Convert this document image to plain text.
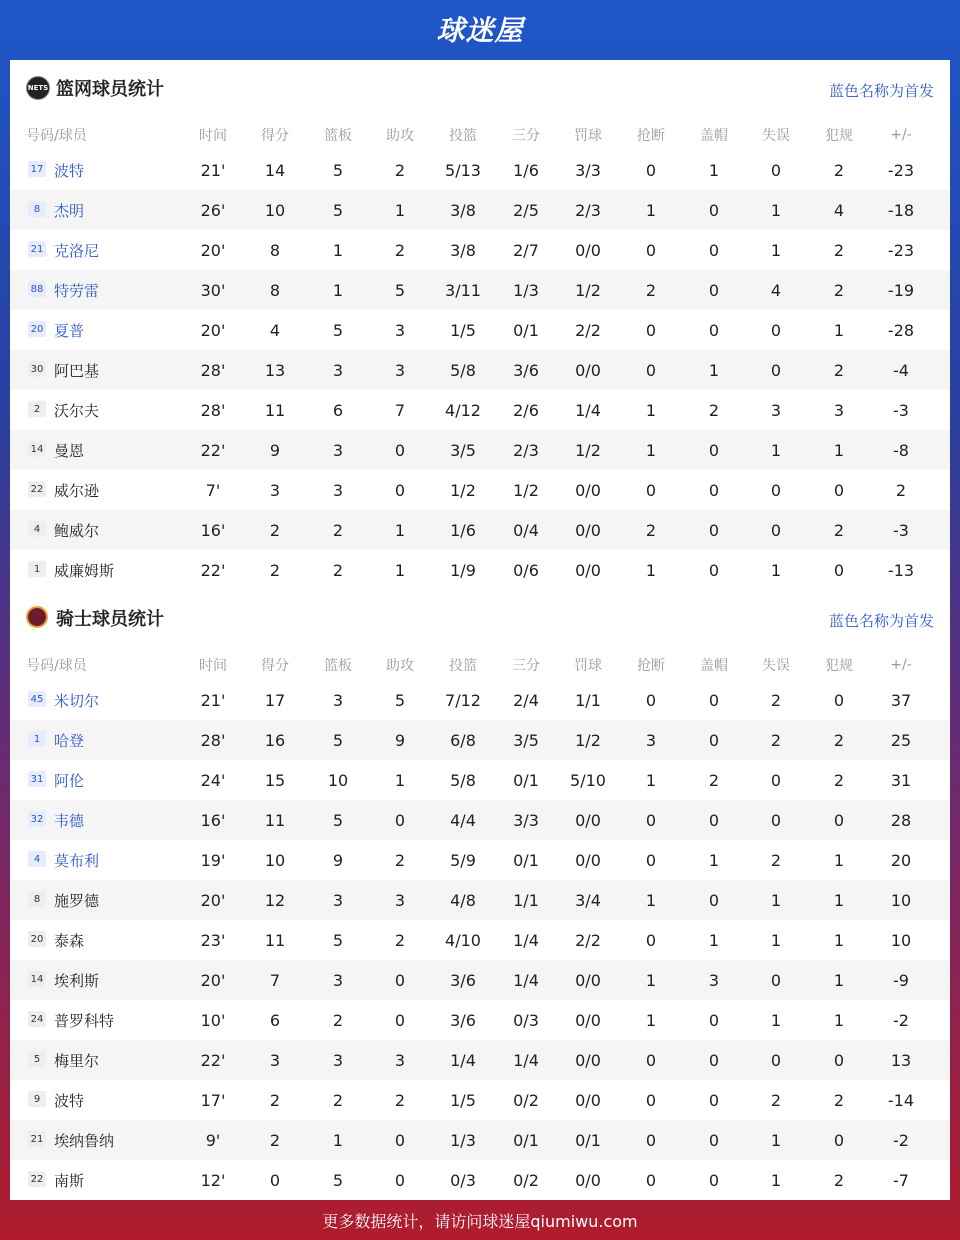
球迷屋
NETS 篮网球员统计	蓝色名称为首发
号码/球员	时间	得分	篮板	助攻	投篮	三分	罚球	抢断	盖帽	失误	犯规	+/-
17 波特	21'	14	5	2	5/13	1/6	3/3	0	1	0	2	-23
8 杰明	26'	10	5	1	3/8	2/5	2/3	1	0	1	4	-18
21 克洛尼	20'	8	1	2	3/8	2/7	0/0	0	0	1	2	-23
88 特劳雷	30'	8	1	5	3/11	1/3	1/2	2	0	4	2	-19
20 夏普	20'	4	5	3	1/5	0/1	2/2	0	0	0	1	-28
30 阿巴基	28'	13	3	3	5/8	3/6	0/0	0	1	0	2	-4
2 沃尔夫	28'	11	6	7	4/12	2/6	1/4	1	2	3	3	-3
14 曼恩	22'	9	3	0	3/5	2/3	1/2	1	0	1	1	-8
22 威尔逊	7'	3	3	0	1/2	1/2	0/0	0	0	0	0	2
4 鲍威尔	16'	2	2	1	1/6	0/4	0/0	2	0	0	2	-3
1 威廉姆斯	22'	2	2	1	1/9	0/6	0/0	1	0	1	0	-13
骑士球员统计	蓝色名称为首发
号码/球员	时间	得分	篮板	助攻	投篮	三分	罚球	抢断	盖帽	失误	犯规	+/-
45 米切尔	21'	17	3	5	7/12	2/4	1/1	0	0	2	0	37
1 哈登	28'	16	5	9	6/8	3/5	1/2	3	0	2	2	25
31 阿伦	24'	15	10	1	5/8	0/1	5/10	1	2	0	2	31
32 韦德	16'	11	5	0	4/4	3/3	0/0	0	0	0	0	28
4 莫布利	19'	10	9	2	5/9	0/1	0/0	0	1	2	1	20
8 施罗德	20'	12	3	3	4/8	1/1	3/4	1	0	1	1	10
20 泰森	23'	11	5	2	4/10	1/4	2/2	0	1	1	1	10
14 埃利斯	20'	7	3	0	3/6	1/4	0/0	1	3	0	1	-9
24 普罗科特	10'	6	2	0	3/6	0/3	0/0	1	0	1	1	-2
5 梅里尔	22'	3	3	3	1/4	1/4	0/0	0	0	0	0	13
9 波特	17'	2	2	2	1/5	0/2	0/0	0	0	2	2	-14
21 埃纳鲁纳	9'	2	1	0	1/3	0/1	0/1	0	0	1	0	-2
22 南斯	12'	0	5	0	0/3	0/2	0/0	0	0	1	2	-7
更多数据统计，请访问球迷屋qiumiwu.com
